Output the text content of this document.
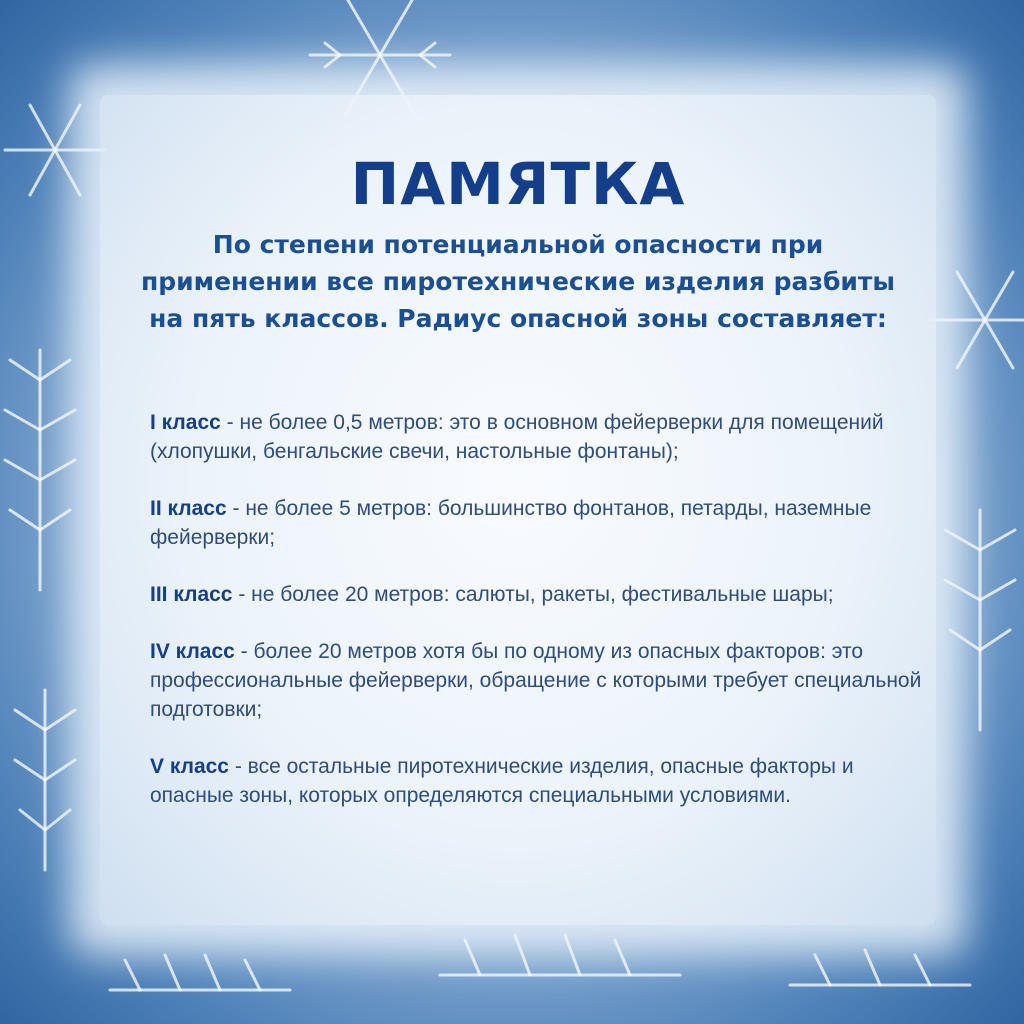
ПАМЯТКА

По степени потенциальной опасности при применении все пиротехнические изделия разбиты на пять классов. Радиус опасной зоны составляет:

I класс - не более 0,5 метров: это в основном фейерверки для помещений (хлопушки, бенгальские свечи, настольные фонтаны);
II класс - не более 5 метров: большинство фонтанов, петарды, наземные фейерверки;
III класс - не более 20 метров: салюты, ракеты, фестивальные шары;
IV класс - более 20 метров хотя бы по одному из опасных факторов: это профессиональные фейерверки, обращение с которыми требует специальной подготовки;
V класс - все остальные пиротехнические изделия, опасные факторы и опасные зоны, которых определяются специальными условиями.
